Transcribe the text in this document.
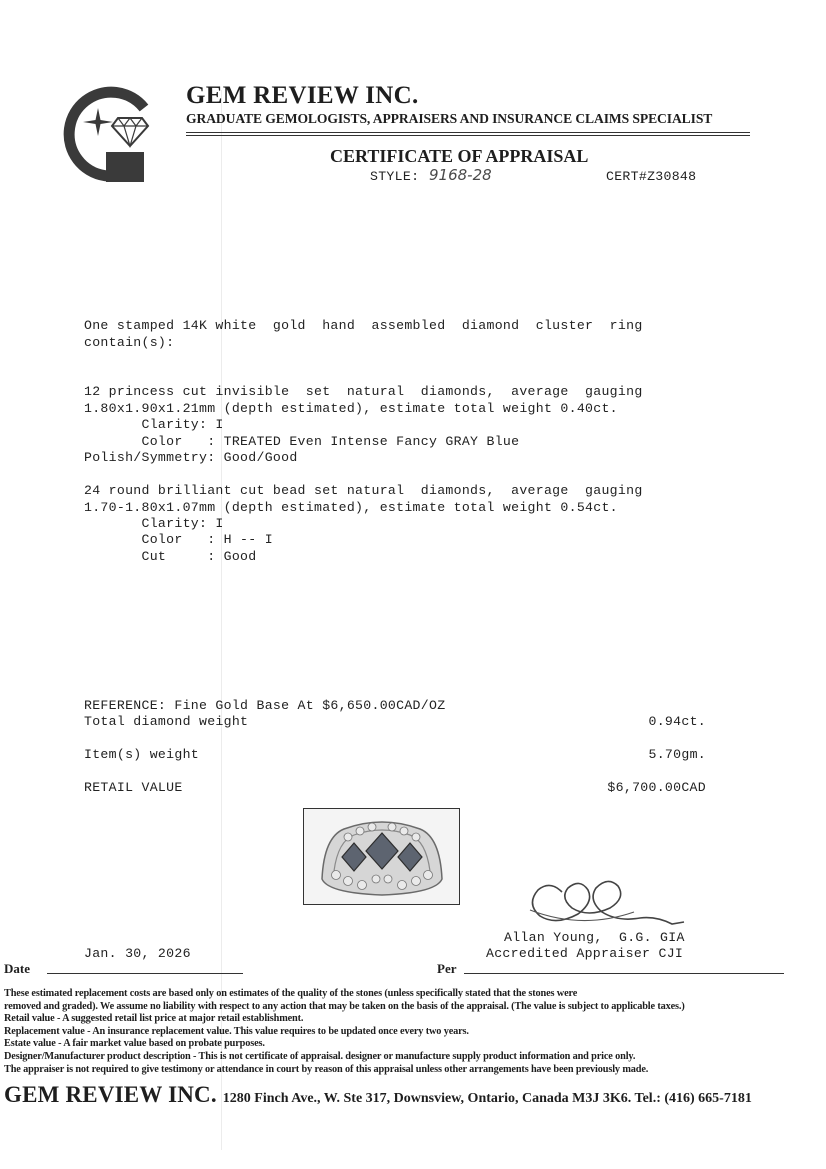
GEM REVIEW INC.
GRADUATE GEMOLOGISTS, APPRAISERS AND INSURANCE CLAIMS SPECIALIST
CERTIFICATE OF APPRAISAL
STYLE: 9168-28	CERT#Z30848
One stamped 14K white  gold  hand  assembled  diamond  cluster  ring
contain(s):
12 princess cut invisible  set  natural  diamonds,  average  gauging
1.80x1.90x1.21mm (depth estimated), estimate total weight 0.40ct.
Clarity: I
Color   : TREATED Even Intense Fancy GRAY Blue
Polish/Symmetry: Good/Good
24 round brilliant cut bead set natural  diamonds,  average  gauging
1.70-1.80x1.07mm (depth estimated), estimate total weight 0.54ct.
Clarity: I
Color   : H -- I
Cut     : Good
REFERENCE: Fine Gold Base At $6,650.00CAD/OZ
Total diamond weight	0.94ct.
Item(s) weight	5.70gm.
RETAIL VALUE	$6,700.00CAD
Allan Young,  G.G. GIA
Accredited Appraiser CJI
Jan. 30, 2026
Date	Per
These estimated replacement costs are based only on estimates of the quality of the stones (unless specifically stated that the stones were
removed and graded). We assume no liability with respect to any action that may be taken on the basis of the appraisal. (The value is subject to applicable taxes.)
Retail value - A suggested retail list price at major retail establishment.
Replacement value - An insurance replacement value. This value requires to be updated once every two years.
Estate value - A fair market value based on probate purposes.
Designer/Manufacturer product description - This is not certificate of appraisal. designer or manufacture supply product information and price only.
The appraiser is not required to give testimony or attendance in court by reason of this appraisal unless other arrangements have been previously made.
GEM REVIEW INC. 1280 Finch Ave., W. Ste 317, Downsview, Ontario, Canada M3J 3K6. Tel.: (416) 665-7181
